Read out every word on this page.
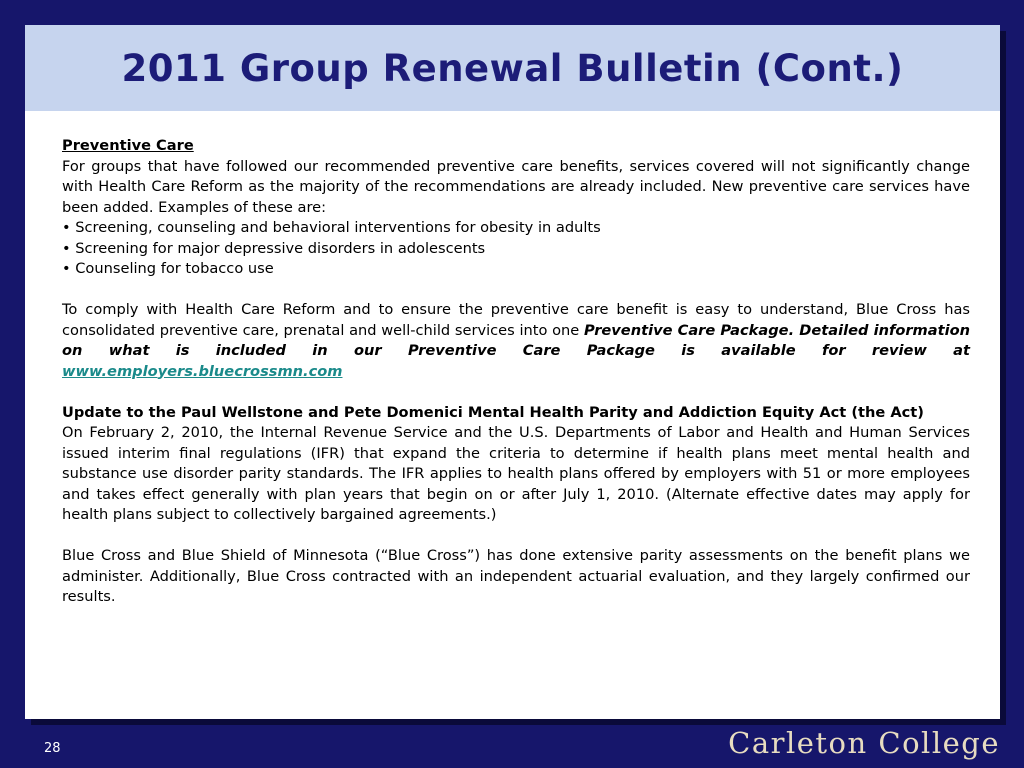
2011 Group Renewal Bulletin (Cont.)

Preventive Care

For groups that have followed our recommended preventive care benefits, services covered will not significantly change with Health Care Reform as the majority of the recommendations are already included. New preventive care services have been added. Examples of these are:

• Screening, counseling and behavioral interventions for obesity in adults

• Screening for major depressive disorders in adolescents

• Counseling for tobacco use

To comply with Health Care Reform and to ensure the preventive care benefit is easy to understand, Blue Cross has consolidated preventive care, prenatal and well-child services into one Preventive Care Package. Detailed information on what is included in our Preventive Care Package is available for review at www.employers.bluecrossmn.com

Update to the Paul Wellstone and Pete Domenici Mental Health Parity and Addiction Equity Act (the Act)

On February 2, 2010, the Internal Revenue Service and the U.S. Departments of Labor and Health and Human Services issued interim final regulations (IFR) that expand the criteria to determine if health plans meet mental health and substance use disorder parity standards. The IFR applies to health plans offered by employers with 51 or more employees and takes effect generally with plan years that begin on or after July 1, 2010. (Alternate effective dates may apply for health plans subject to collectively bargained agreements.)

Blue Cross and Blue Shield of Minnesota (“Blue Cross”) has done extensive parity assessments on the benefit plans we administer. Additionally, Blue Cross contracted with an independent actuarial evaluation, and they largely confirmed our results.

28	Carleton College
